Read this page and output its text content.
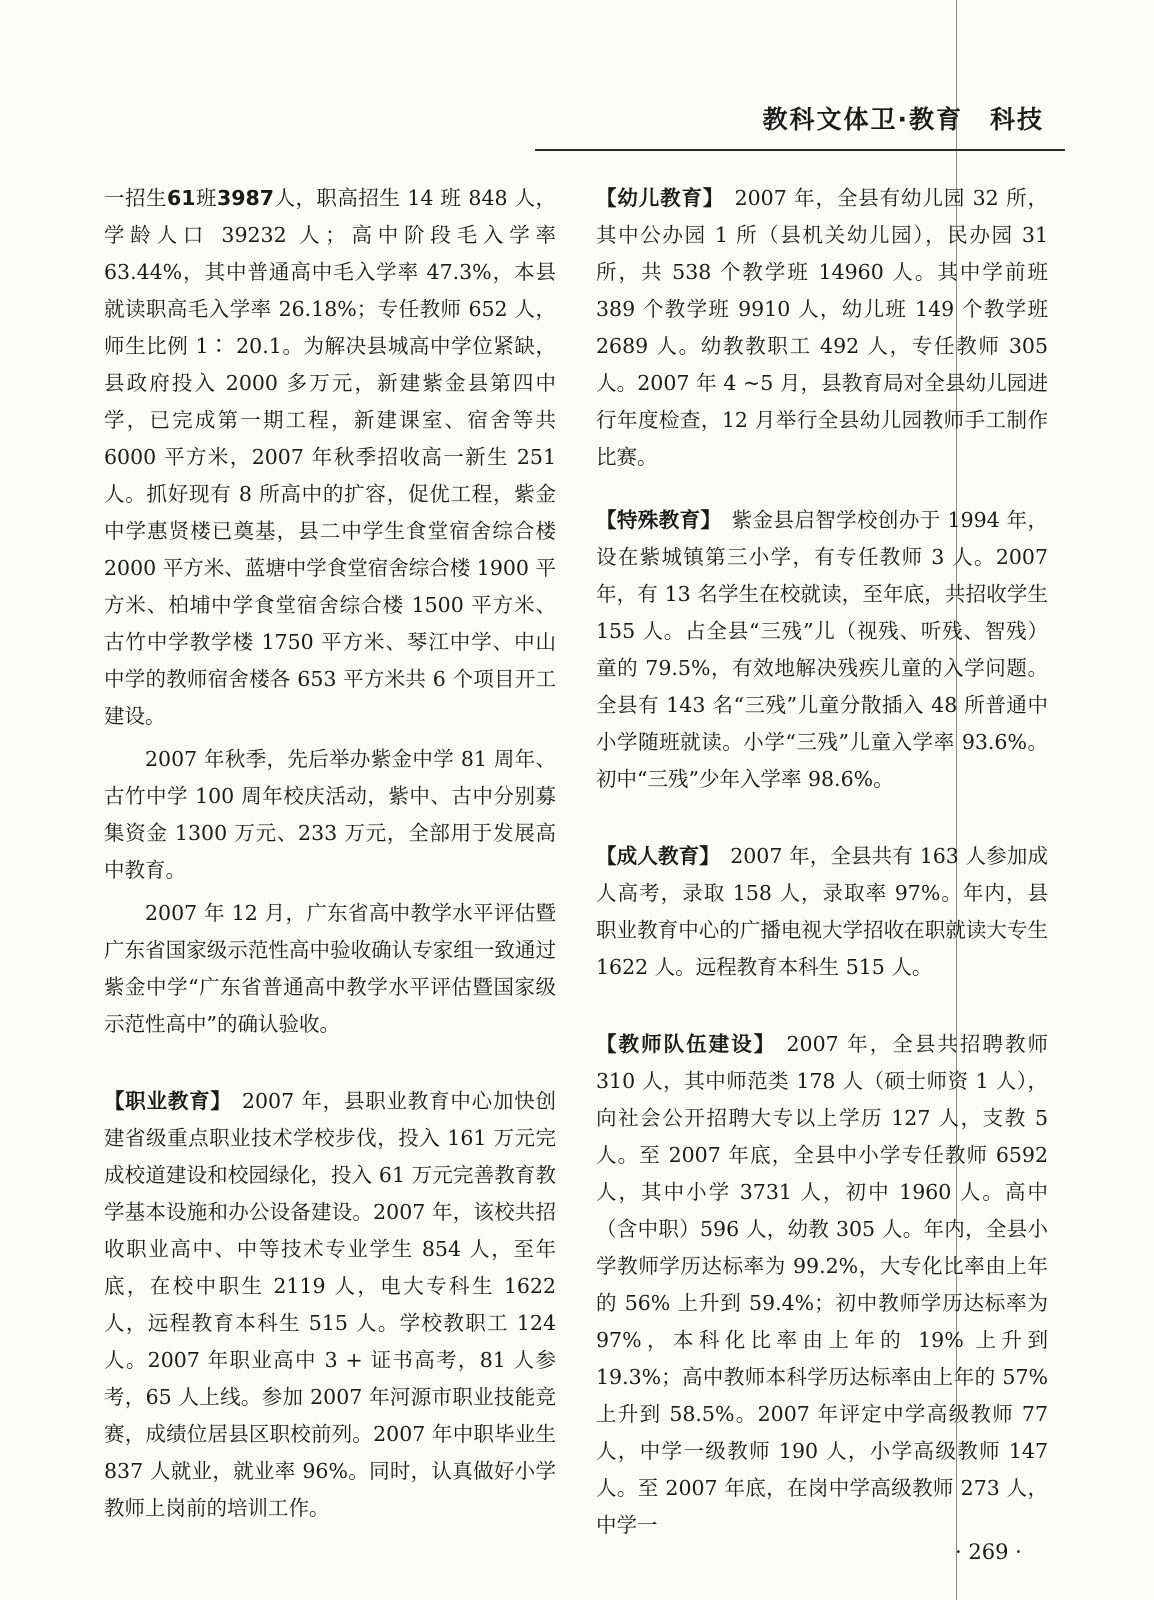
教科文体卫·教育　科技

一招生61班3987人，职高招生 14 班 848 人，学龄人口 39232 人；高中阶段毛入学率 63.44%，其中普通高中毛入学率 47.3%，本县就读职高毛入学率 26.18%；专任教师 652 人，师生比例 1∶ 20.1。为解决县城高中学位紧缺，县政府投入 2000 多万元，新建紫金县第四中学，已完成第一期工程，新建课室、宿舍等共 6000 平方米，2007 年秋季招收高一新生 251 人。抓好现有 8 所高中的扩容，促优工程，紫金中学惠贤楼已奠基，县二中学生食堂宿舍综合楼 2000 平方米、蓝塘中学食堂宿舍综合楼 1900 平方米、柏埔中学食堂宿舍综合楼 1500 平方米、古竹中学教学楼 1750 平方米、琴江中学、中山中学的教师宿舍楼各 653 平方米共 6 个项目开工建设。

2007 年秋季，先后举办紫金中学 81 周年、古竹中学 100 周年校庆活动，紫中、古中分别募集资金 1300 万元、233 万元，全部用于发展高中教育。

2007 年 12 月，广东省高中教学水平评估暨广东省国家级示范性高中验收确认专家组一致通过紫金中学“广东省普通高中教学水平评估暨国家级示范性高中”的确认验收。

【职业教育】 2007 年，县职业教育中心加快创建省级重点职业技术学校步伐，投入 161 万元完成校道建设和校园绿化，投入 61 万元完善教育教学基本设施和办公设备建设。2007 年，该校共招收职业高中、中等技术专业学生 854 人，至年底，在校中职生 2119 人，电大专科生 1622 人，远程教育本科生 515 人。学校教职工 124 人。2007 年职业高中 3 + 证书高考，81 人参考，65 人上线。参加 2007 年河源市职业技能竞赛，成绩位居县区职校前列。2007 年中职毕业生 837 人就业，就业率 96%。同时，认真做好小学教师上岗前的培训工作。

【幼儿教育】 2007 年，全县有幼儿园 32 所，其中公办园 1 所（县机关幼儿园），民办园 31 所，共 538 个教学班 14960 人。其中学前班 389 个教学班 9910 人，幼儿班 149 个教学班 2689 人。幼教教职工 492 人，专任教师 305 人。2007 年 4 ~5 月，县教育局对全县幼儿园进行年度检查，12 月举行全县幼儿园教师手工制作比赛。

【特殊教育】 紫金县启智学校创办于 1994 年，设在紫城镇第三小学，有专任教师 3 人。2007 年，有 13 名学生在校就读，至年底，共招收学生 155 人。占全县“三残”儿（视残、听残、智残）童的 79.5%，有效地解决残疾儿童的入学问题。全县有 143 名“三残”儿童分散插入 48 所普通中小学随班就读。小学“三残”儿童入学率 93.6%。初中“三残”少年入学率 98.6%。

【成人教育】 2007 年，全县共有 163 人参加成人高考，录取 158 人，录取率 97%。年内，县职业教育中心的广播电视大学招收在职就读大专生 1622 人。远程教育本科生 515 人。

【教师队伍建设】 2007 年，全县共招聘教师 310 人，其中师范类 178 人（硕士师资 1 人），向社会公开招聘大专以上学历 127 人，支教 5 人。至 2007 年底，全县中小学专任教师 6592 人，其中小学 3731 人，初中 1960 人。高中（含中职）596 人，幼教 305 人。年内，全县小学教师学历达标率为 99.2%，大专化比率由上年的 56% 上升到 59.4%；初中教师学历达标率为 97%，本科化比率由上年的 19% 上升到 19.3%；高中教师本科学历达标率由上年的 57% 上升到 58.5%。2007 年评定中学高级教师 77 人，中学一级教师 190 人，小学高级教师 147 人。至 2007 年底，在岗中学高级教师 273 人，中学一

· 269 ·
